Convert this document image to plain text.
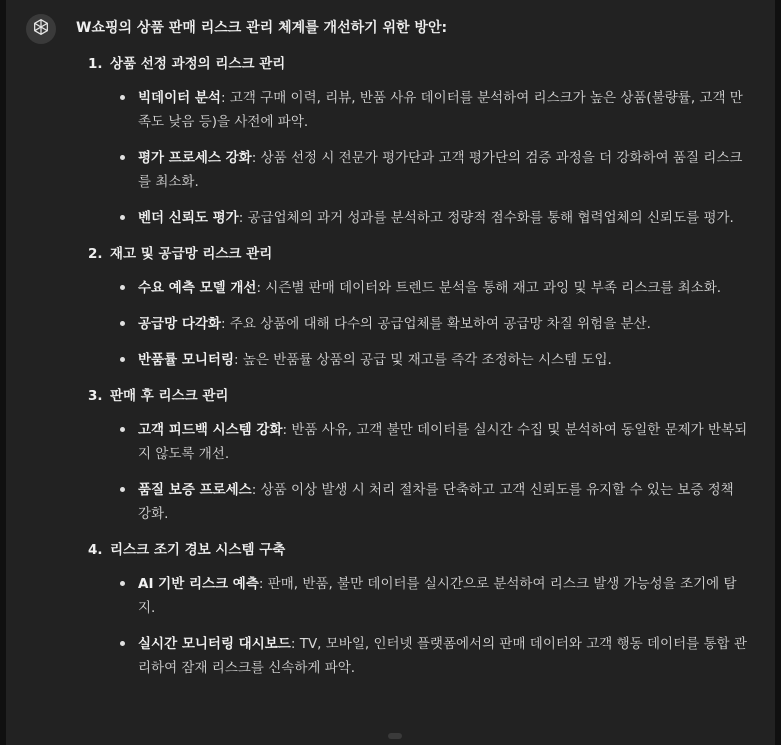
W쇼핑의 상품 판매 리스크 관리 체계를 개선하기 위한 방안:
1. 상품 선정 과정의 리스크 관리
빅데이터 분석: 고객 구매 이력, 리뷰, 반품 사유 데이터를 분석하여 리스크가 높은 상품(불량률, 고객 만족도 낮음 등)을 사전에 파악.
평가 프로세스 강화: 상품 선정 시 전문가 평가단과 고객 평가단의 검증 과정을 더 강화하여 품질 리스크를 최소화.
벤더 신뢰도 평가: 공급업체의 과거 성과를 분석하고 정량적 점수화를 통해 협력업체의 신뢰도를 평가.
2. 재고 및 공급망 리스크 관리
수요 예측 모델 개선: 시즌별 판매 데이터와 트렌드 분석을 통해 재고 과잉 및 부족 리스크를 최소화.
공급망 다각화: 주요 상품에 대해 다수의 공급업체를 확보하여 공급망 차질 위험을 분산.
반품률 모니터링: 높은 반품률 상품의 공급 및 재고를 즉각 조정하는 시스템 도입.
3. 판매 후 리스크 관리
고객 피드백 시스템 강화: 반품 사유, 고객 불만 데이터를 실시간 수집 및 분석하여 동일한 문제가 반복되지 않도록 개선.
품질 보증 프로세스: 상품 이상 발생 시 처리 절차를 단축하고 고객 신뢰도를 유지할 수 있는 보증 정책 강화.
4. 리스크 조기 경보 시스템 구축
AI 기반 리스크 예측: 판매, 반품, 불만 데이터를 실시간으로 분석하여 리스크 발생 가능성을 조기에 탐지.
실시간 모니터링 대시보드: TV, 모바일, 인터넷 플랫폼에서의 판매 데이터와 고객 행동 데이터를 통합 관리하여 잠재 리스크를 신속하게 파악.
